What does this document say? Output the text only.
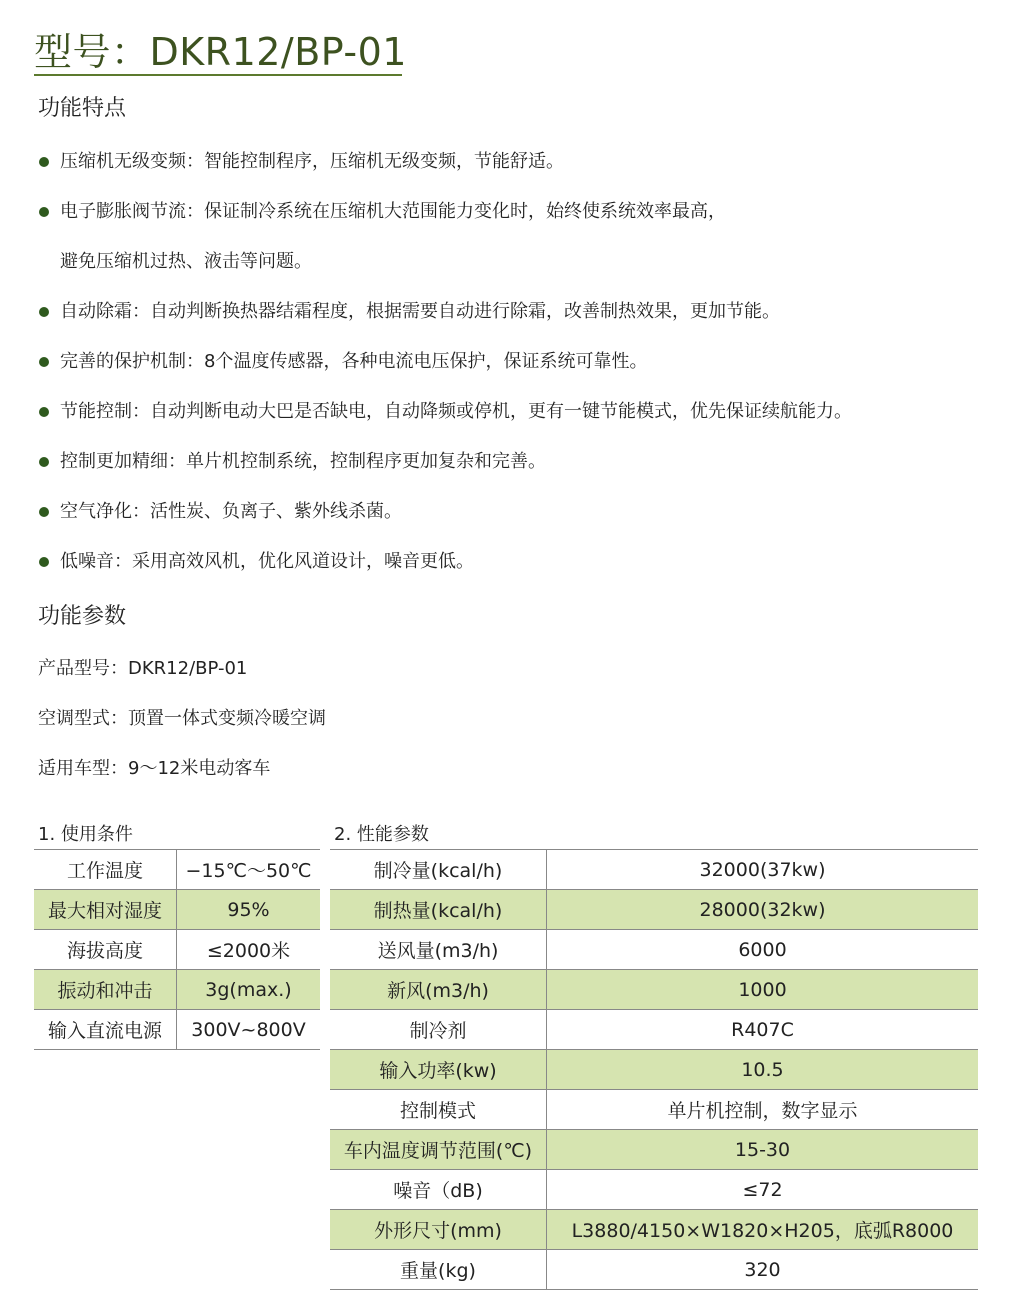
型号：DKR12/BP-01
功能特点
压缩机无级变频：智能控制程序，压缩机无级变频，节能舒适。
电子膨胀阀节流：保证制冷系统在压缩机大范围能力变化时，始终使系统效率最高，
避免压缩机过热、液击等问题。
自动除霜：自动判断换热器结霜程度，根据需要自动进行除霜，改善制热效果，更加节能。
完善的保护机制：8个温度传感器，各种电流电压保护，保证系统可靠性。
节能控制：自动判断电动大巴是否缺电，自动降频或停机，更有一键节能模式，优先保证续航能力。
控制更加精细：单片机控制系统，控制程序更加复杂和完善。
空气净化：活性炭、负离子、紫外线杀菌。
低噪音：采用高效风机，优化风道设计，噪音更低。
功能参数
产品型号：DKR12/BP-01
空调型式：顶置一体式变频冷暖空调
适用车型：9～12米电动客车
1. 使用条件	2. 性能参数
工作温度	−15℃～50℃
最大相对湿度	95%
海拔高度	≤2000米
振动和冲击	3g(max.)
输入直流电源	300V~800V
制冷量(kcal/h)	32000(37kw)
制热量(kcal/h)	28000(32kw)
送风量(m3/h)	6000
新风(m3/h)	1000
制冷剂	R407C
输入功率(kw)	10.5
控制模式	单片机控制，数字显示
车内温度调节范围(℃)	15-30
噪音（dB)	≤72
外形尺寸(mm)	L3880/4150×W1820×H205，底弧R8000
重量(kg)	320
